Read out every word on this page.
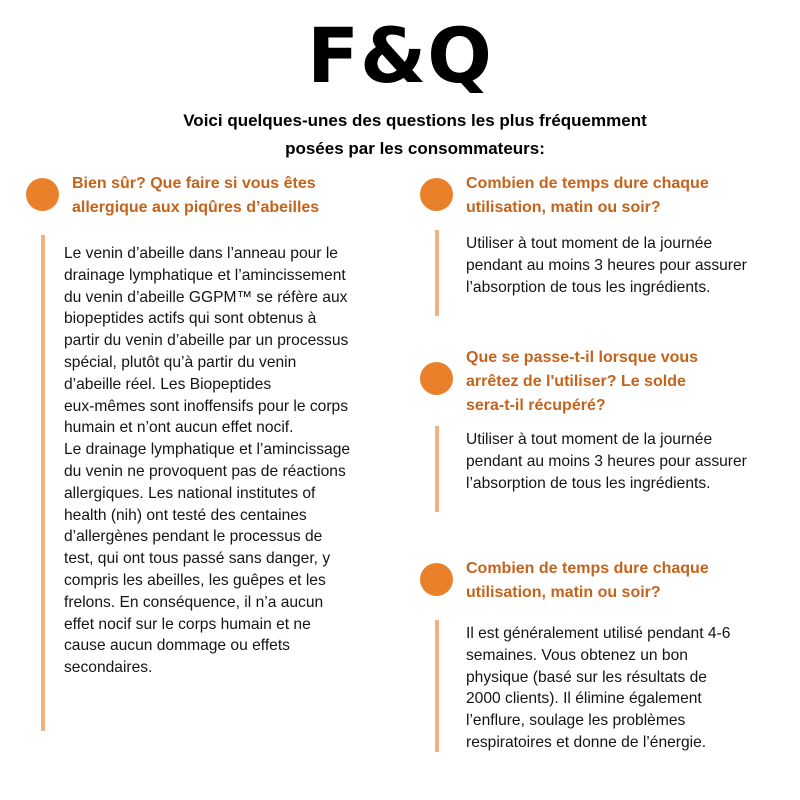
F&Q
Voici quelques-unes des questions les plus fréquemment
posées par les consommateurs:
Bien sûr? Que faire si vous êtes
allergique aux piqûres d’abeilles

Le venin d’abeille dans l’anneau pour le

drainage lymphatique et l’amincissement

du venin d’abeille GGPM™ se réfère aux

biopeptides actifs qui sont obtenus à

partir du venin d’abeille par un processus

spécial, plutôt qu’à partir du venin

d’abeille réel. Les Biopeptides

eux-mêmes sont inoffensifs pour le corps

humain et n’ont aucun effet nocif.

Le drainage lymphatique et l’amincissage

du venin ne provoquent pas de réactions

allergiques. Les national institutes of

health (nih) ont testé des centaines

d’allergènes pendant le processus de

test, qui ont tous passé sans danger, y

compris les abeilles, les guêpes et les

frelons. En conséquence, il n’a aucun

effet nocif sur le corps humain et ne

cause aucun dommage ou effets

secondaires.

Combien de temps dure chaque
utilisation, matin ou soir?

Utiliser à tout moment de la journée

pendant au moins 3 heures pour assurer

l’absorption de tous les ingrédients.

Que se passe-t-il lorsque vous
arrêtez de l'utiliser? Le solde
sera-t-il récupéré?

Utiliser à tout moment de la journée

pendant au moins 3 heures pour assurer

l’absorption de tous les ingrédients.

Combien de temps dure chaque
utilisation, matin ou soir?

Il est généralement utilisé pendant 4-6

semaines. Vous obtenez un bon

physique (basé sur les résultats de

2000 clients). Il élimine également

l’enflure, soulage les problèmes

respiratoires et donne de l’énergie.
